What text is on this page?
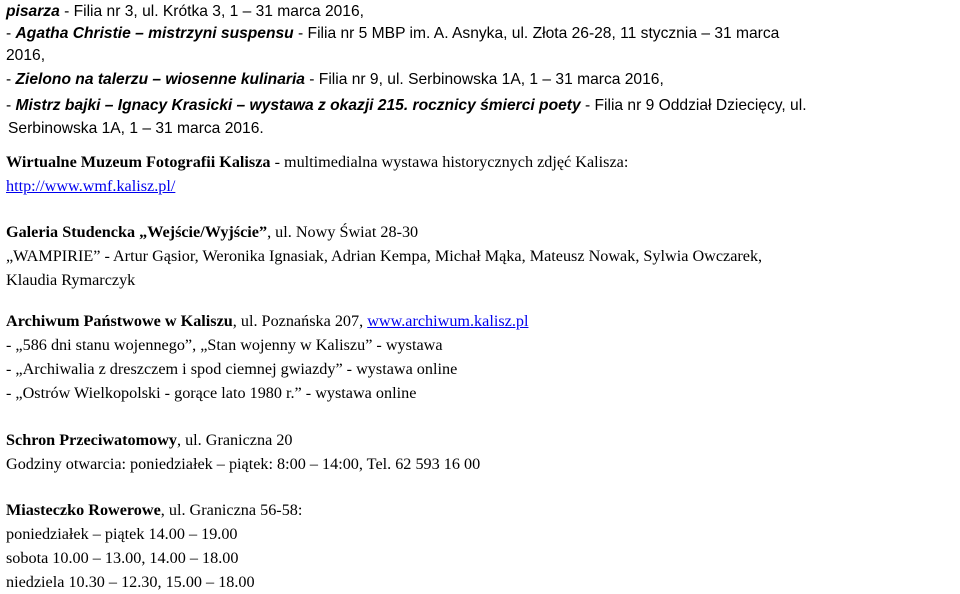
pisarza - Filia nr 3, ul. Krótka 3, 1 – 31 marca 2016,
- Agatha Christie – mistrzyni suspensu - Filia nr 5 MBP im. A. Asnyka, ul. Złota 26-28, 11 stycznia – 31 marca
2016,
- Zielono na talerzu – wiosenne kulinaria - Filia nr 9, ul. Serbinowska 1A, 1 – 31 marca 2016,
- Mistrz bajki – Ignacy Krasicki – wystawa z okazji 215. rocznicy śmierci poety - Filia nr 9 Oddział Dziecięcy, ul.
Serbinowska 1A, 1 – 31 marca 2016.
Wirtualne Muzeum Fotografii Kalisza - multimedialna wystawa historycznych zdjęć Kalisza:
http://www.wmf.kalisz.pl/
Galeria Studencka „Wejście/Wyjście”, ul. Nowy Świat 28-30
„WAMPIRIE” - Artur Gąsior, Weronika Ignasiak, Adrian Kempa, Michał Mąka, Mateusz Nowak, Sylwia Owczarek,
Klaudia Rymarczyk
Archiwum Państwowe w Kaliszu, ul. Poznańska 207, www.archiwum.kalisz.pl
- „586 dni stanu wojennego”, „Stan wojenny w Kaliszu” - wystawa
- „Archiwalia z dreszczem i spod ciemnej gwiazdy” - wystawa online
- „Ostrów Wielkopolski - gorące lato 1980 r.” - wystawa online
Schron Przeciwatomowy, ul. Graniczna 20
Godziny otwarcia: poniedziałek – piątek: 8:00 – 14:00, Tel. 62 593 16 00
Miasteczko Rowerowe, ul. Graniczna 56-58:
poniedziałek – piątek 14.00 – 19.00
sobota 10.00 – 13.00, 14.00 – 18.00
niedziela 10.30 – 12.30, 15.00 – 18.00
